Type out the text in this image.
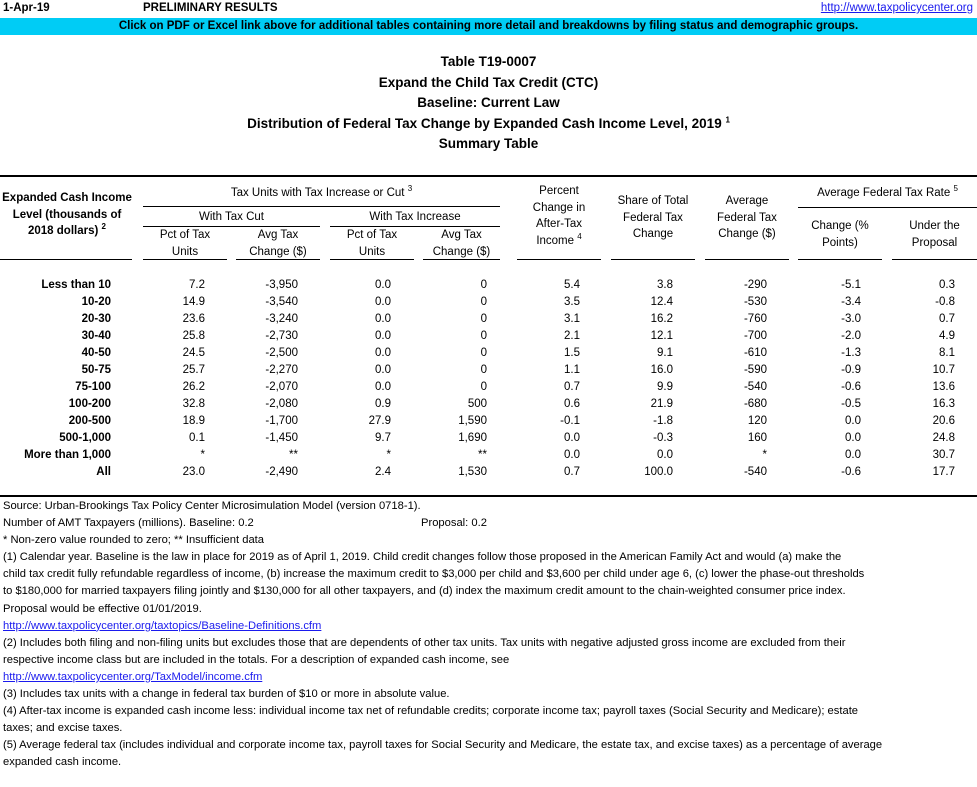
1-Apr-19	PRELIMINARY RESULTS	http://www.taxpolicycenter.org
Click on PDF or Excel link above for additional tables containing more detail and breakdowns by filing status and demographic groups.
Table T19-0007
Expand the Child Tax Credit (CTC)
Baseline: Current Law
Distribution of Federal Tax Change by Expanded Cash Income Level, 2019 $^1$
Summary Table
Expanded Cash Income
Level (thousands of
2018 dollars) $^2$
Tax Units with Tax Increase or Cut $^3$
With Tax Cut	With Tax Increase
Pct of Tax
Units
Avg Tax
Change ($)
Pct of Tax
Units
Avg Tax
Change ($)
Percent
Change in
After-Tax
Income $^4$
Share of Total
Federal Tax
Change
Average
Federal Tax
Change ($)
Average Federal Tax Rate $^5$
Change (%
Points)
Under the
Proposal
Less than 10	7.2	-3,950	0.0	0	5.4	3.8	-290	-5.1	0.3
10-20	14.9	-3,540	0.0	0	3.5	12.4	-530	-3.4	-0.8
20-30	23.6	-3,240	0.0	0	3.1	16.2	-760	-3.0	0.7
30-40	25.8	-2,730	0.0	0	2.1	12.1	-700	-2.0	4.9
40-50	24.5	-2,500	0.0	0	1.5	9.1	-610	-1.3	8.1
50-75	25.7	-2,270	0.0	0	1.1	16.0	-590	-0.9	10.7
75-100	26.2	-2,070	0.0	0	0.7	9.9	-540	-0.6	13.6
100-200	32.8	-2,080	0.9	500	0.6	21.9	-680	-0.5	16.3
200-500	18.9	-1,700	27.9	1,590	-0.1	-1.8	120	0.0	20.6
500-1,000	0.1	-1,450	9.7	1,690	0.0	-0.3	160	0.0	24.8
More than 1,000	*	**	*	**	0.0	0.0	*	0.0	30.7
All	23.0	-2,490	2.4	1,530	0.7	100.0	-540	-0.6	17.7
Source: Urban-Brookings Tax Policy Center Microsimulation Model (version 0718-1).
Number of AMT Taxpayers (millions). Baseline: 0.2	Proposal: 0.2
* Non-zero value rounded to zero; ** Insufficient data
(1) Calendar year. Baseline is the law in place for 2019 as of April 1, 2019. Child credit changes follow those proposed in the American Family Act and would (a) make the
child tax credit fully refundable regardless of income, (b) increase the maximum credit to $3,000 per child and $3,600 per child under age 6, (c) lower the phase-out thresholds
to $180,000 for married taxpayers filing jointly and $130,000 for all other taxpayers, and (d) index the maximum credit amount to the chain-weighted consumer price index.
Proposal would be effective 01/01/2019.
http://www.taxpolicycenter.org/taxtopics/Baseline-Definitions.cfm
(2) Includes both filing and non-filing units but excludes those that are dependents of other tax units. Tax units with negative adjusted gross income are excluded from their
respective income class but are included in the totals. For a description of expanded cash income, see
http://www.taxpolicycenter.org/TaxModel/income.cfm
(3) Includes tax units with a change in federal tax burden of $10 or more in absolute value.
(4) After-tax income is expanded cash income less: individual income tax net of refundable credits; corporate income tax; payroll taxes (Social Security and Medicare); estate
taxes; and excise taxes.
(5) Average federal tax (includes individual and corporate income tax, payroll taxes for Social Security and Medicare, the estate tax, and excise taxes) as a percentage of average
expanded cash income.
